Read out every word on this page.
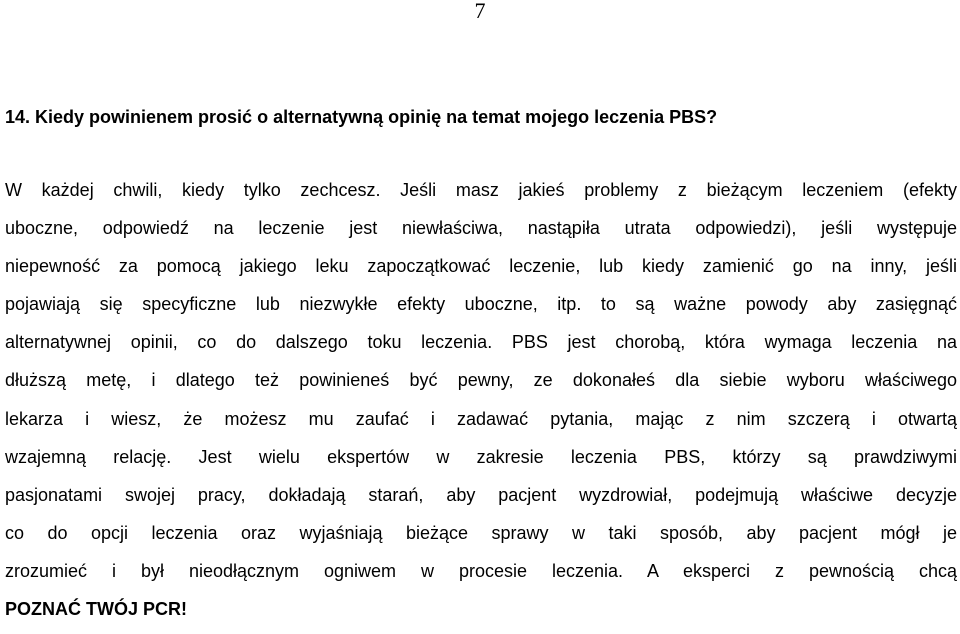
7
14. Kiedy powinienem prosić o alternatywną opinię na temat mojego leczenia PBS?
W każdej chwili, kiedy tylko zechcesz. Jeśli masz jakieś problemy z bieżącym leczeniem (efekty
uboczne, odpowiedź na leczenie jest niewłaściwa, nastąpiła utrata odpowiedzi), jeśli występuje
niepewność za pomocą jakiego leku zapoczątkować leczenie, lub kiedy zamienić go na inny, jeśli
pojawiają się specyficzne lub niezwykłe efekty uboczne, itp. to są ważne powody aby zasięgnąć
alternatywnej opinii, co do dalszego toku leczenia. PBS jest chorobą, która wymaga leczenia na
dłuższą metę, i dlatego też powinieneś być pewny, ze dokonałeś dla siebie wyboru właściwego
lekarza i wiesz, że możesz mu zaufać i zadawać pytania, mając z nim szczerą i otwartą
wzajemną relację. Jest wielu ekspertów w zakresie leczenia PBS, którzy są prawdziwymi
pasjonatami swojej pracy, dokładają starań, aby pacjent wyzdrowiał, podejmują właściwe decyzje
co do opcji leczenia oraz wyjaśniają bieżące sprawy w taki sposób, aby pacjent mógł je
zrozumieć i był nieodłącznym ogniwem w procesie leczenia. A eksperci z pewnością chcą
POZNAĆ TWÓJ PCR!
